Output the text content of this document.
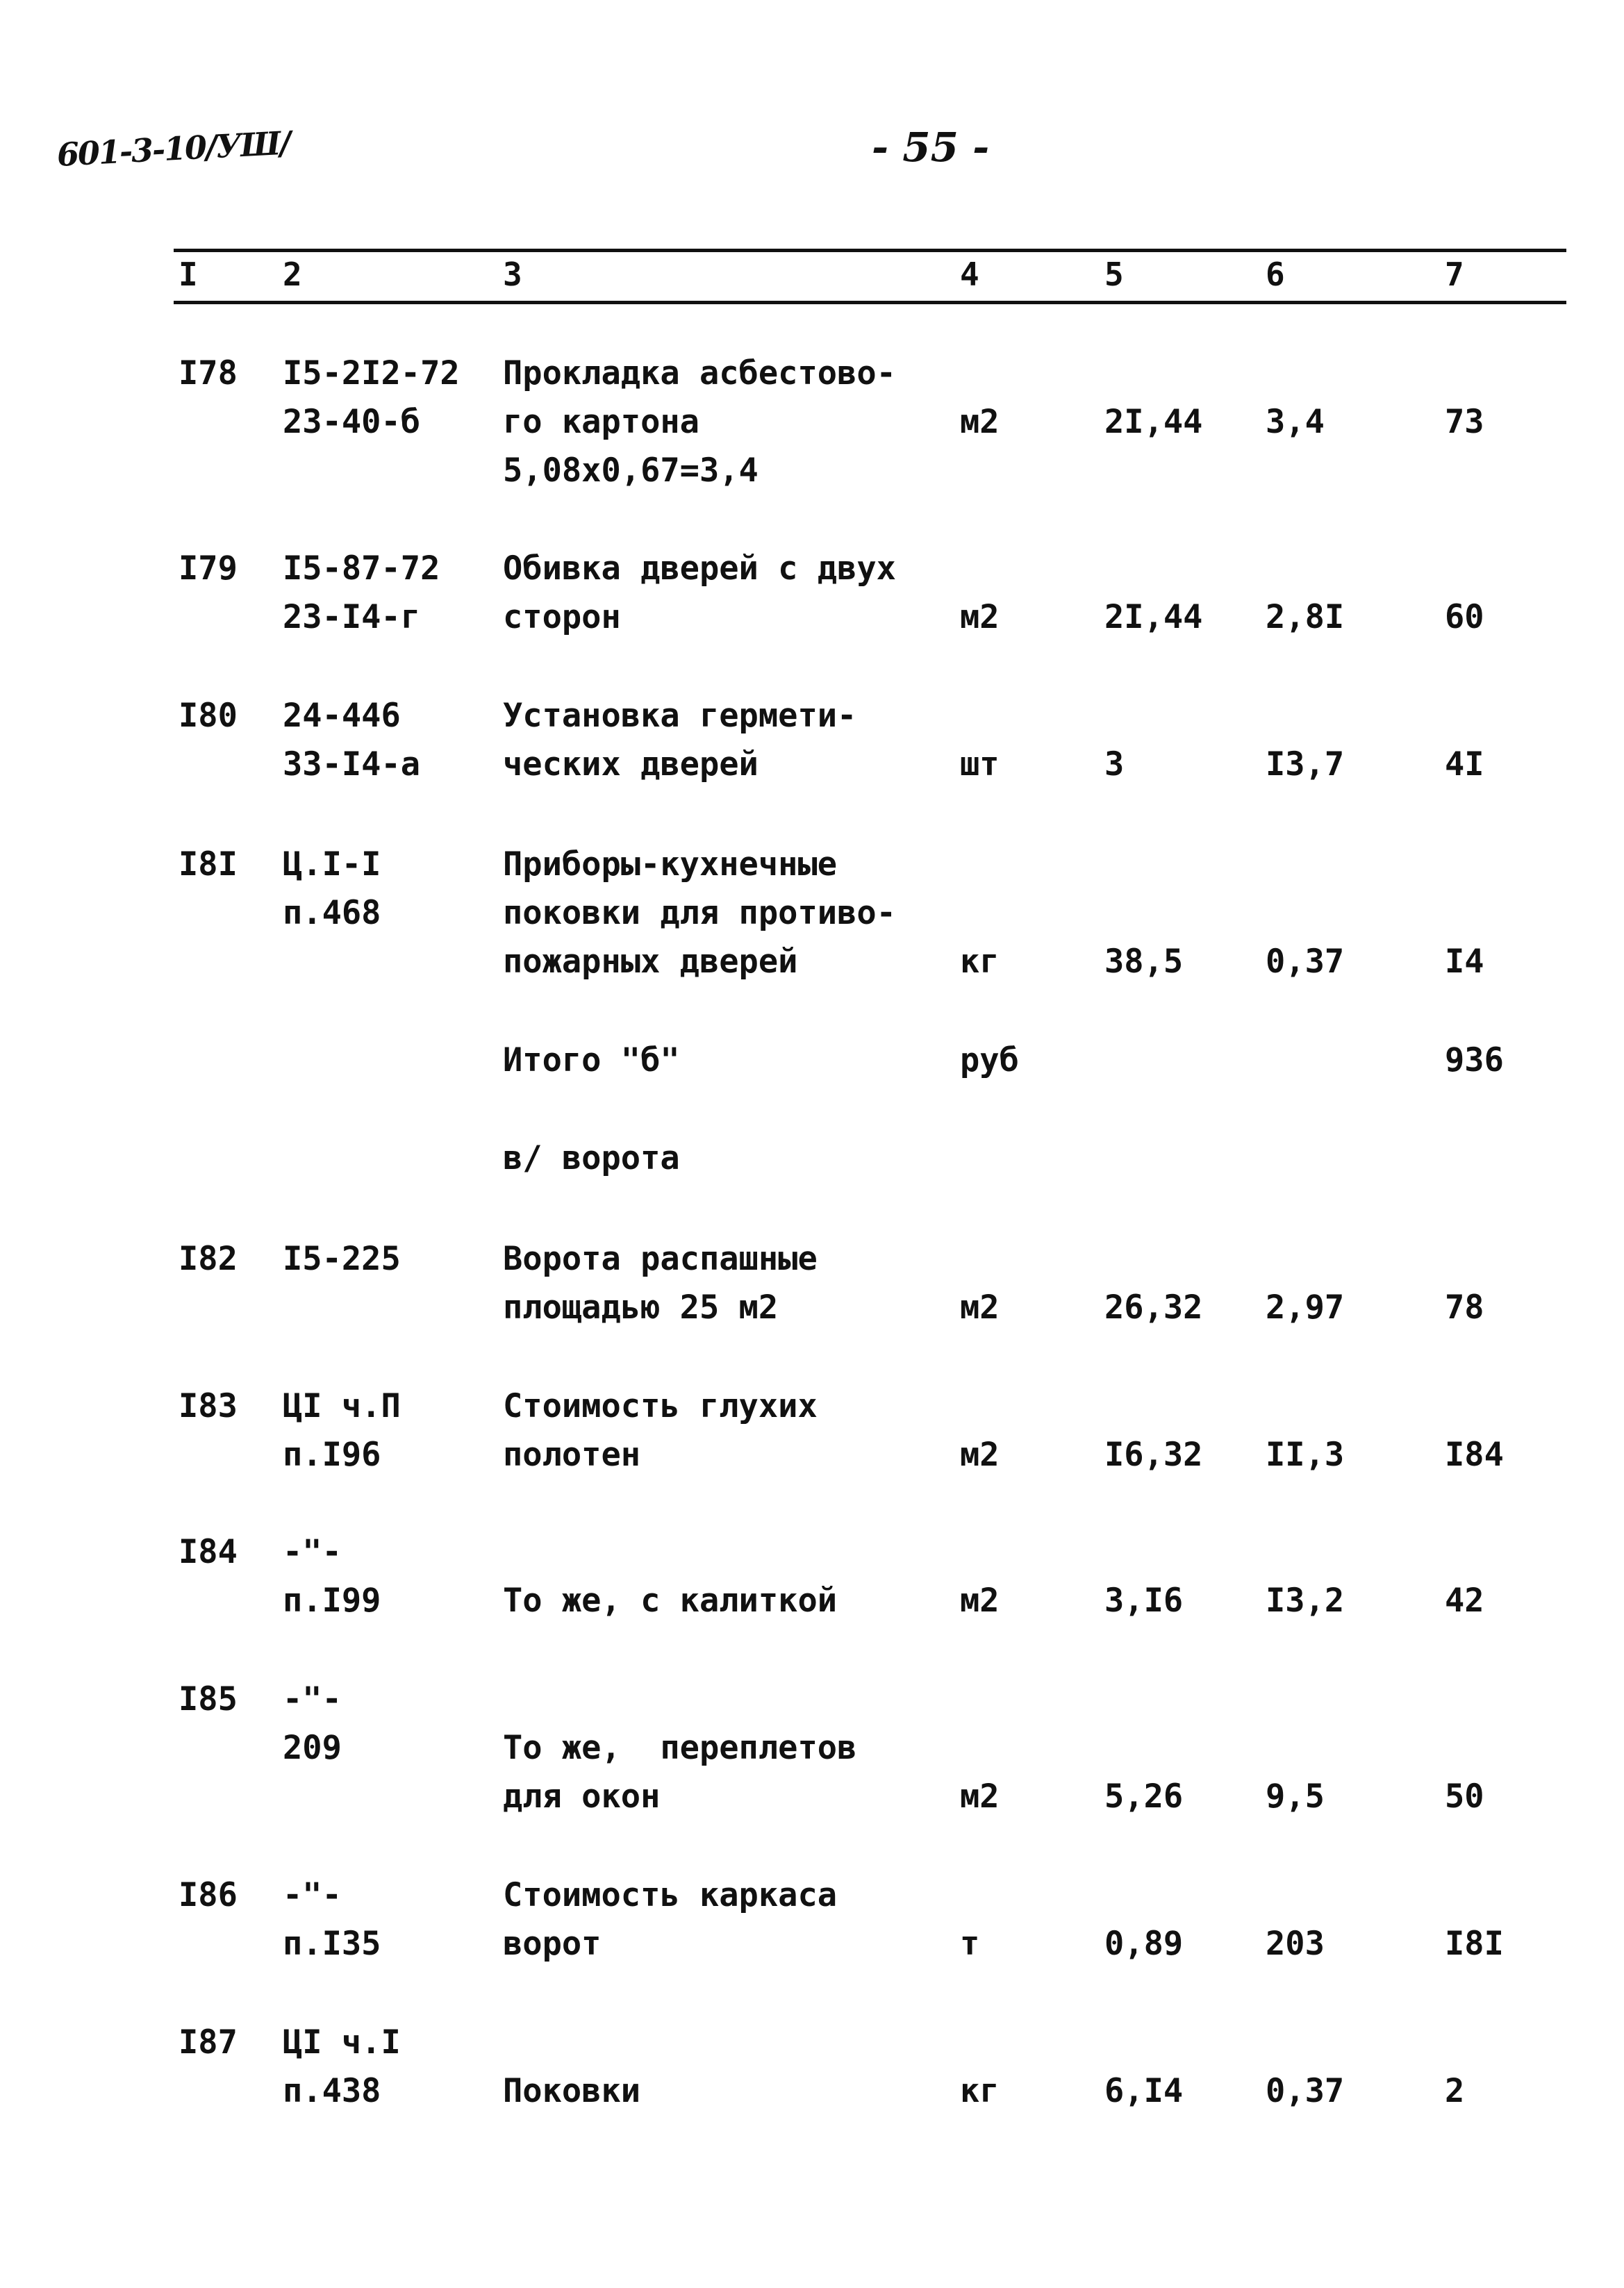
601-3-10/УШ/	- 55 -
I	2	3	4	5	6	7
I78 I5-2I2-72
23-40-б
Прокладка асбестово-
го картона
5,08х0,67=3,4
м2	2I,44 3,4	73
I79 I5-87-72
23-I4-г
Обивка дверей с двух
сторон	м2	2I,44 2,8I	60
I80 24-446
33-I4-а
Установка гермети-
ческих дверей	шт	3	I3,7	4I
I8I Ц.I-I
п.468
Приборы-кухнечные
поковки для противо-
пожарных дверей	кг	38,5	0,37	I4
Итого "б"	руб	936
в/ ворота
I82 I5-225	Ворота распашные
площадью 25 м2	м2	26,32 2,97	78
I83 ЦI ч.П
п.I96
Стоимость глухих
полотен	м2	I6,32 II,3	I84
I84 -"-
п.I99	То же, с калиткой	м2	3,I6	I3,2	42
I85 -"-
209	То же,  переплетов
для окон	м2	5,26	9,5	50
I86 -"-
п.I35
Стоимость каркаса
ворот	т	0,89	203	I8I
I87 ЦI ч.I
п.438	Поковки	кг	6,I4	0,37	2
